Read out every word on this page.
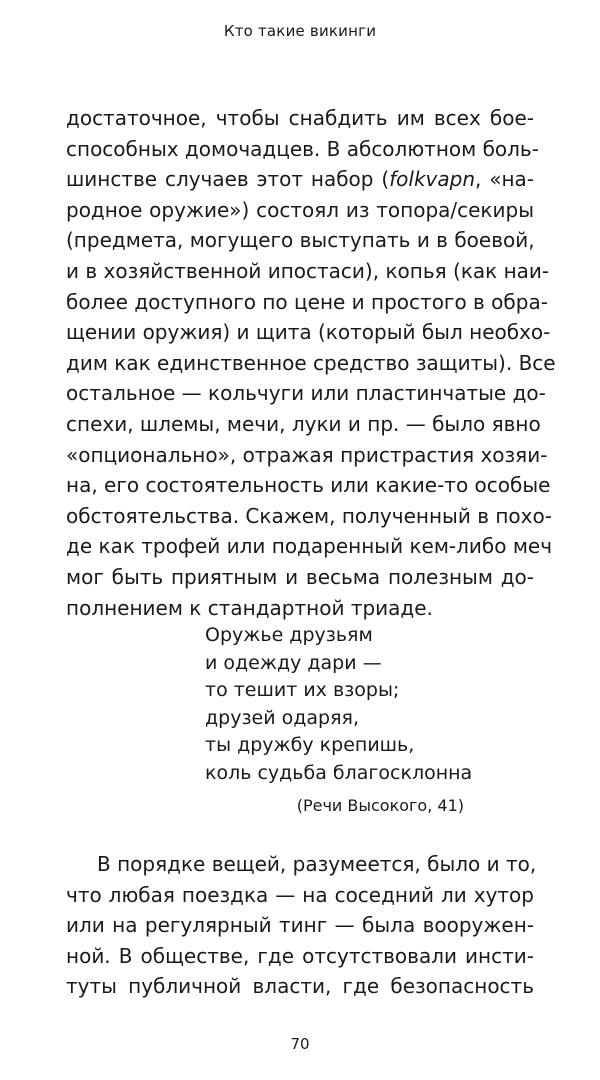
Кто такие викинги
достаточное, чтобы снабдить им всех бое-
способных домочадцев. В абсолютном боль-
шинстве случаев этот набор (folkvapn, «на-
родное оружие») состоял из топора/секиры
(предмета, могущего выступать и в боевой,
и в хозяйственной ипостаси), копья (как наи-
более доступного по цене и простого в обра-
щении оружия) и щита (который был необхо-
дим как единственное средство защиты). Все
остальное — кольчуги или пластинчатые до-
спехи, шлемы, мечи, луки и пр. — было явно
«опционально», отражая пристрастия хозяи-
на, его состоятельность или какие-то особые
обстоятельства. Скажем, полученный в похо-
де как трофей или подаренный кем-либо меч
мог быть приятным и весьма полезным до-
полнением к стандартной триаде.
Оружье друзьям
и одежду дари —
то тешит их взоры;
друзей одаряя,
ты дружбу крепишь,
коль судьба благосклонна
(Речи Высокого, 41)
В порядке вещей, разумеется, было и то,
что любая поездка — на соседний ли хутор
или на регулярный тинг — была вооружен-
ной. В обществе, где отсутствовали инсти-
туты публичной власти, где безопасность
70
